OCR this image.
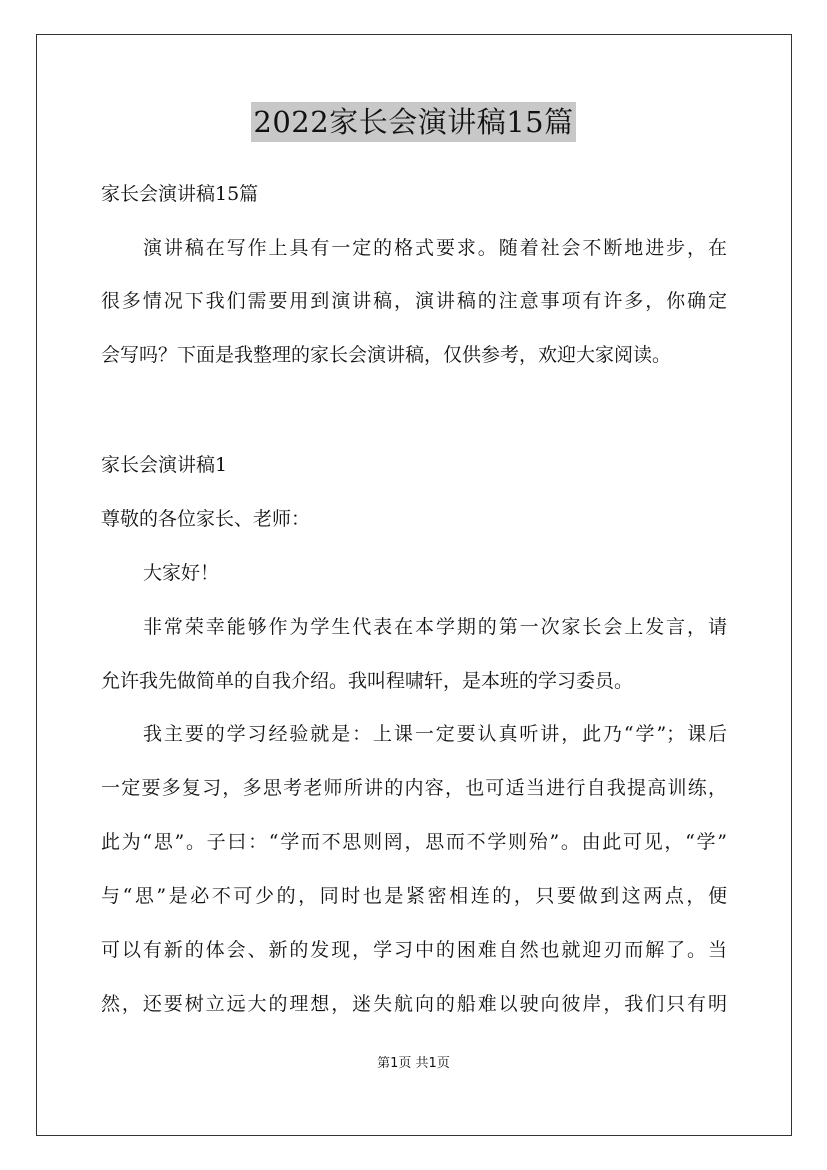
2022家长会演讲稿15篇
家长会演讲稿15篇
演讲稿在写作上具有一定的格式要求。随着社会不断地进步，在
很多情况下我们需要用到演讲稿，演讲稿的注意事项有许多，你确定
会写吗？下面是我整理的家长会演讲稿，仅供参考，欢迎大家阅读。
家长会演讲稿1
尊敬的各位家长、老师：
大家好！
非常荣幸能够作为学生代表在本学期的第一次家长会上发言，请
允许我先做简单的自我介绍。我叫程啸轩，是本班的学习委员。
我主要的学习经验就是：上课一定要认真听讲，此乃“学”；课后
一定要多复习，多思考老师所讲的内容，也可适当进行自我提高训练，
此为“思”。子曰：“学而不思则罔，思而不学则殆”。由此可见，“学”
与“思”是必不可少的，同时也是紧密相连的，只要做到这两点，便
可以有新的体会、新的发现，学习中的困难自然也就迎刃而解了。当
然，还要树立远大的理想，迷失航向的船难以驶向彼岸，我们只有明
第1页 共1页
